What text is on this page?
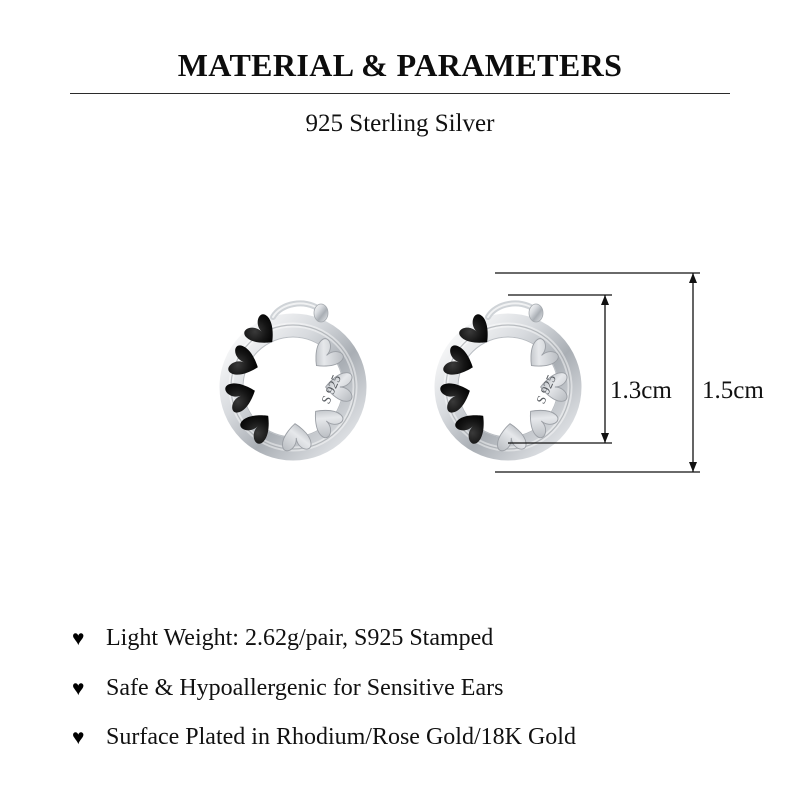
MATERIAL & PARAMETERS
925 Sterling Silver
S 925	S 925 1.3cm 1.5cm
♥ Light Weight: 2.62g/pair, S925 Stamped
♥ Safe & Hypoallergenic for Sensitive Ears
♥ Surface Plated in Rhodium/Rose Gold/18K Gold
